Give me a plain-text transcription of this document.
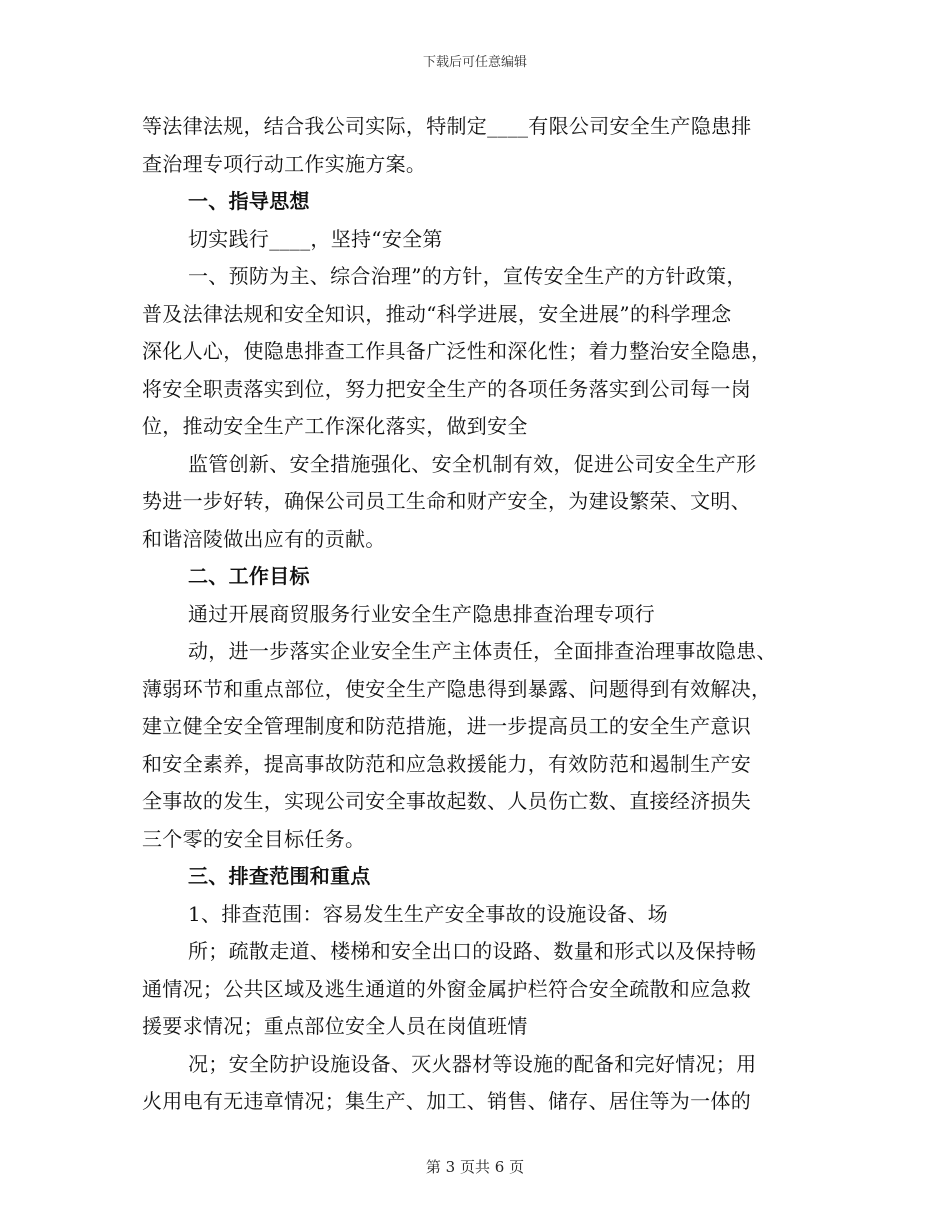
下载后可任意编辑
等法律法规，结合我公司实际，特制定____有限公司安全生产隐患排
查治理专项行动工作实施方案。
一、指导思想
切实践行____，坚持“安全第
一、预防为主、综合治理”的方针，宣传安全生产的方针政策，
普及法律法规和安全知识，推动“科学进展，安全进展”的科学理念
深化人心，使隐患排查工作具备广泛性和深化性；着力整治安全隐患，
将安全职责落实到位，努力把安全生产的各项任务落实到公司每一岗
位，推动安全生产工作深化落实，做到安全
监管创新、安全措施强化、安全机制有效，促进公司安全生产形
势进一步好转，确保公司员工生命和财产安全，为建设繁荣、文明、
和谐涪陵做出应有的贡献。
二、工作目标
通过开展商贸服务行业安全生产隐患排查治理专项行
动，进一步落实企业安全生产主体责任，全面排查治理事故隐患、
薄弱环节和重点部位，使安全生产隐患得到暴露、问题得到有效解决，
建立健全安全管理制度和防范措施，进一步提高员工的安全生产意识
和安全素养，提高事故防范和应急救援能力，有效防范和遏制生产安
全事故的发生，实现公司安全事故起数、人员伤亡数、直接经济损失
三个零的安全目标任务。
三、排查范围和重点
1、排查范围：容易发生生产安全事故的设施设备、场
所；疏散走道、楼梯和安全出口的设路、数量和形式以及保持畅
通情况；公共区域及逃生通道的外窗金属护栏符合安全疏散和应急救
援要求情况；重点部位安全人员在岗值班情
况；安全防护设施设备、灭火器材等设施的配备和完好情况；用
火用电有无违章情况；集生产、加工、销售、储存、居住等为一体的
第 3 页共 6 页
